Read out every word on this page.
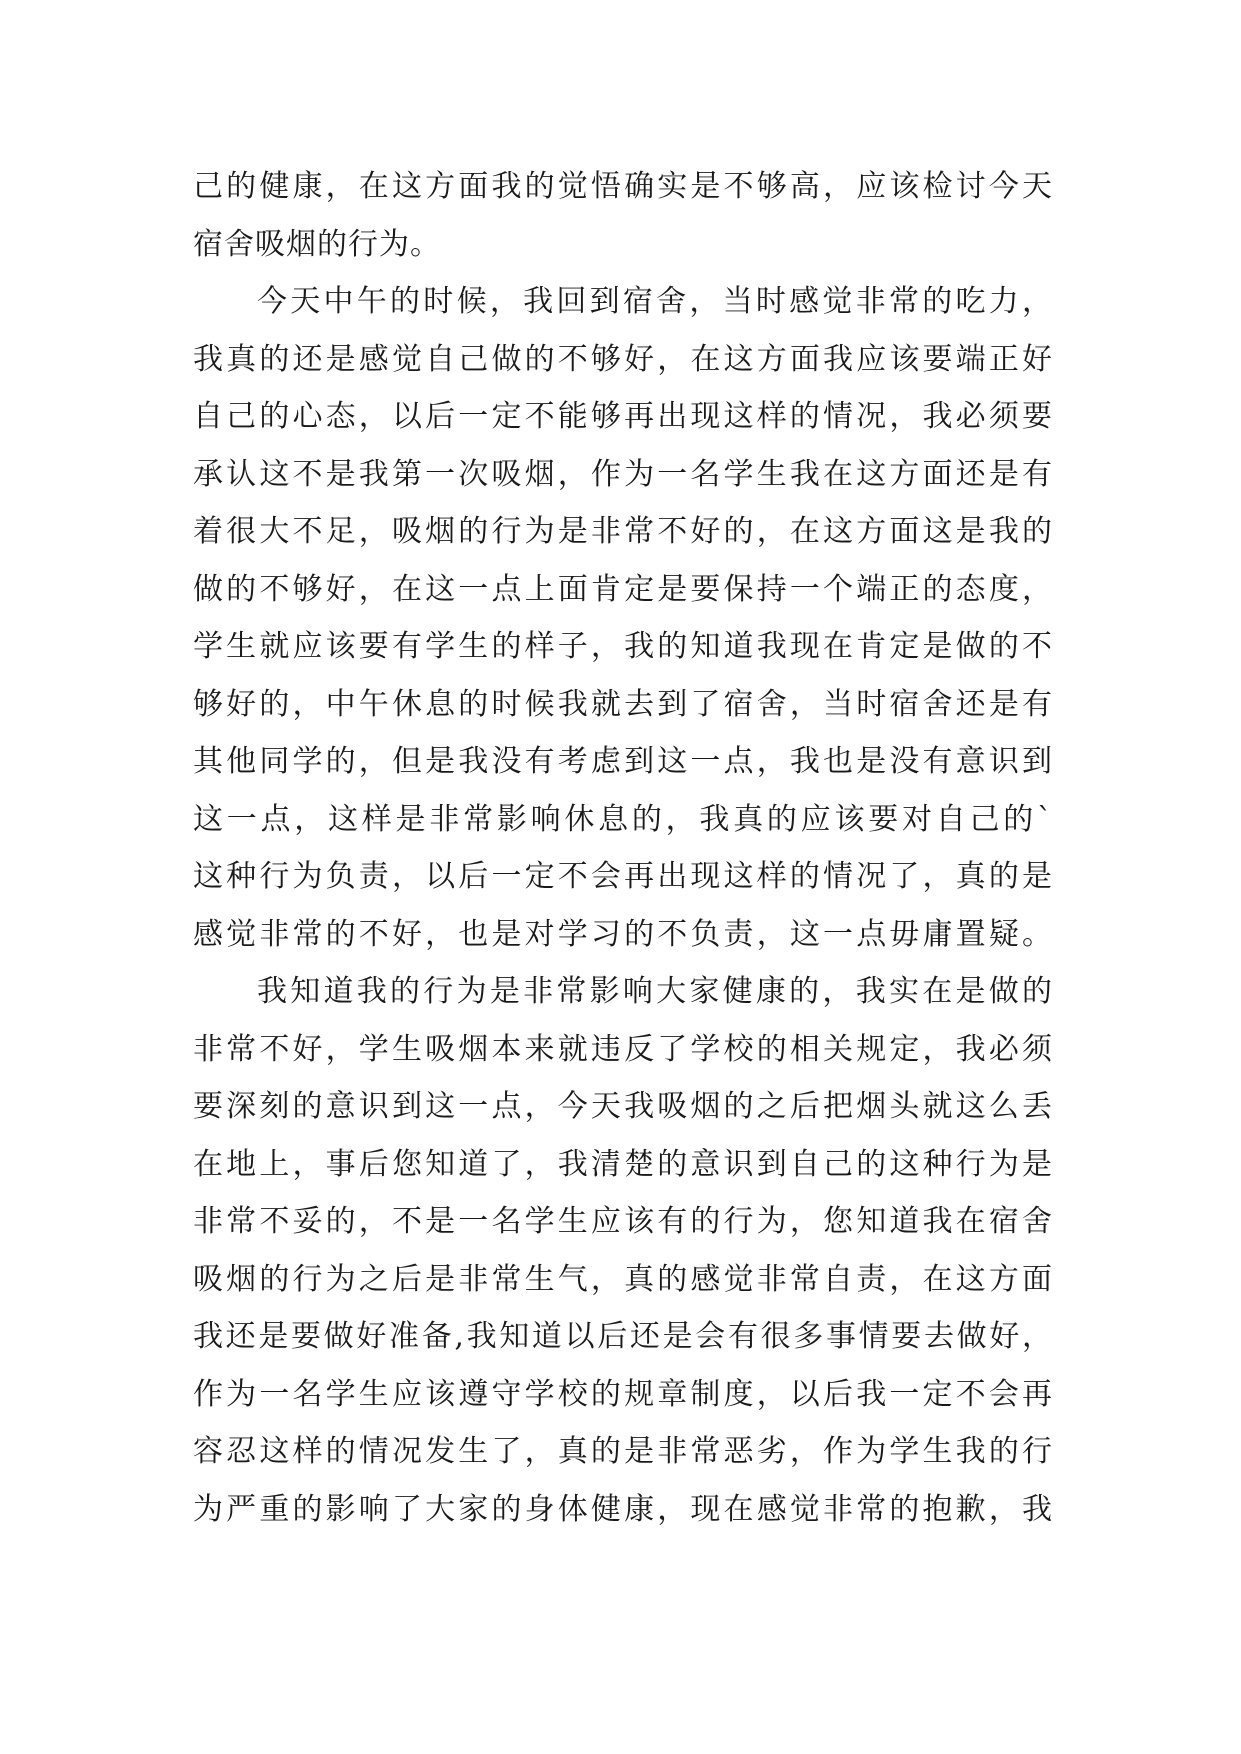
己的健康，在这方面我的觉悟确实是不够高，应该检讨今天
宿舍吸烟的行为。
今天中午的时候，我回到宿舍，当时感觉非常的吃力，
我真的还是感觉自己做的不够好，在这方面我应该要端正好
自己的心态，以后一定不能够再出现这样的情况，我必须要
承认这不是我第一次吸烟，作为一名学生我在这方面还是有
着很大不足，吸烟的行为是非常不好的，在这方面这是我的
做的不够好，在这一点上面肯定是要保持一个端正的态度，
学生就应该要有学生的样子，我的知道我现在肯定是做的不
够好的，中午休息的时候我就去到了宿舍，当时宿舍还是有
其他同学的，但是我没有考虑到这一点，我也是没有意识到
这一点，这样是非常影响休息的，我真的应该要对自己的`
这种行为负责，以后一定不会再出现这样的情况了，真的是
感觉非常的不好，也是对学习的不负责，这一点毋庸置疑。
我知道我的行为是非常影响大家健康的，我实在是做的
非常不好，学生吸烟本来就违反了学校的相关规定，我必须
要深刻的意识到这一点，今天我吸烟的之后把烟头就这么丢
在地上，事后您知道了，我清楚的意识到自己的这种行为是
非常不妥的，不是一名学生应该有的行为，您知道我在宿舍
吸烟的行为之后是非常生气，真的感觉非常自责，在这方面
我还是要做好准备,我知道以后还是会有很多事情要去做好，
作为一名学生应该遵守学校的规章制度，以后我一定不会再
容忍这样的情况发生了，真的是非常恶劣，作为学生我的行
为严重的影响了大家的身体健康，现在感觉非常的抱歉，我
